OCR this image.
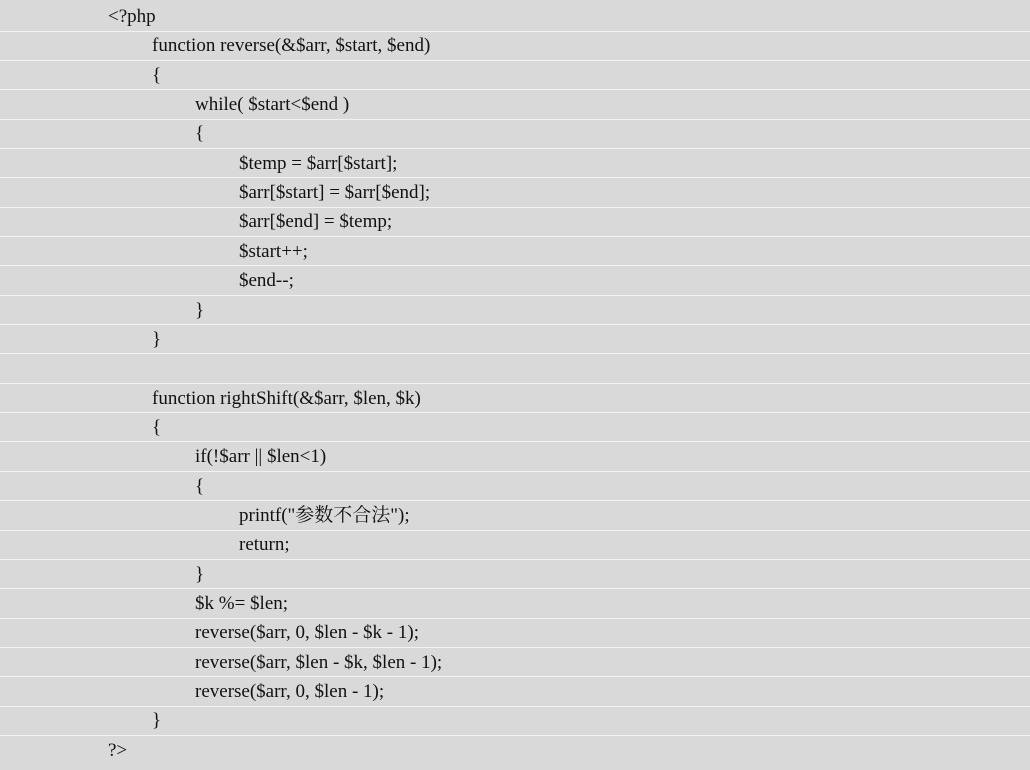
<?php
function reverse(&$arr, $start, $end)
{
while( $start<$end )
{
$temp = $arr[$start];
$arr[$start] = $arr[$end];
$arr[$end] = $temp;
$start++;
$end--;
}
}
function rightShift(&$arr, $len, $k)
{
if(!$arr || $len<1)
{
printf("参数不合法");
return;
}
$k %= $len;
reverse($arr, 0, $len - $k - 1);
reverse($arr, $len - $k, $len - 1);
reverse($arr, 0, $len - 1);
}
?>
